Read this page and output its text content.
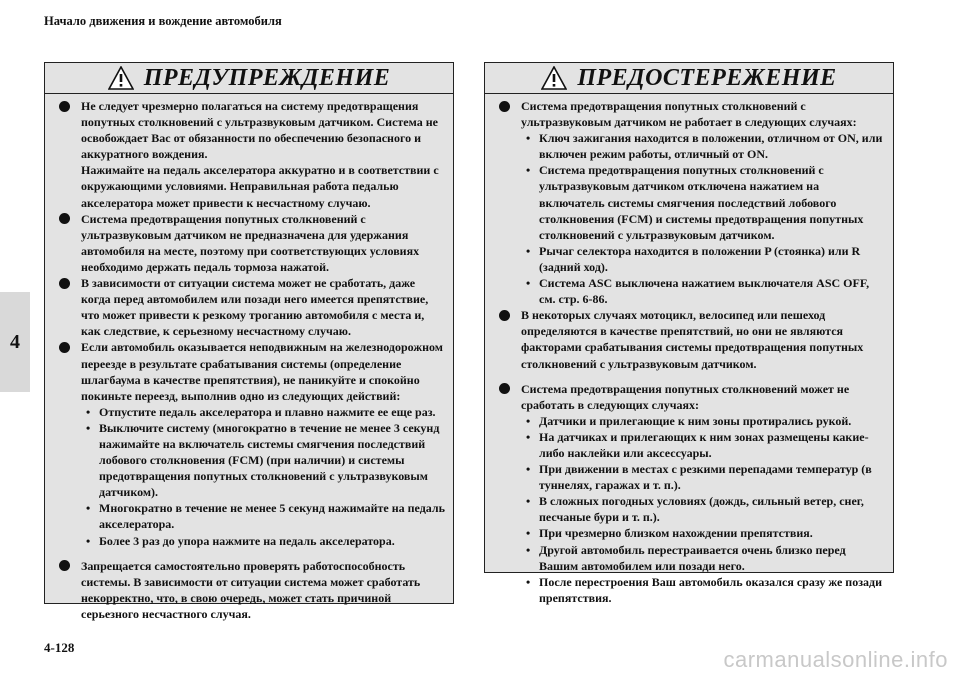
Начало движения и вождение автомобиля
4
ПРЕДУПРЕЖДЕНИЕ
Не следует чрезмерно полагаться на систему предотвращения попутных столкновений с ультразвуковым датчиком. Система не освобождает Вас от обязанности по обеспечению безопасного и аккуратного вождения.
Нажимайте на педаль акселератора аккуратно и в соответствии с окружающими условиями. Неправильная работа педалью акселератора может привести к несчастному случаю.
Система предотвращения попутных столкновений с ультразвуковым датчиком не предназначена для удержания автомобиля на месте, поэтому при соответствующих условиях необходимо держать педаль тормоза нажатой.
В зависимости от ситуации система может не сработать, даже когда перед автомобилем или позади него имеется препятствие, что может привести к резкому троганию автомобиля с места и, как следствие, к серьезному несчастному случаю.
Если автомобиль оказывается неподвижным на железнодорожном переезде в результате срабатывания системы (определение шлагбаума в качестве препятствия), не паникуйте и спокойно покиньте переезд, выполнив одно из следующих действий:
• Отпустите педаль акселератора и плавно нажмите ее еще раз.
• Выключите систему (многократно в течение не менее 3 секунд нажимайте на включатель системы смягчения последствий лобового столкновения (FCM) (при наличии) и системы предотвращения попутных столкновений с ультразвуковым датчиком).
• Многократно в течение не менее 5 секунд нажимайте на педаль акселератора.
• Более 3 раз до упора нажмите на педаль акселератора.
Запрещается самостоятельно проверять работоспособность системы. В зависимости от ситуации система может сработать некорректно, что, в свою очередь, может стать причиной серьезного несчастного случая.
ПРЕДОСТЕРЕЖЕНИЕ
Система предотвращения попутных столкновений с ультразвуковым датчиком не работает в следующих случаях:
• Ключ зажигания находится в положении, отличном от ON, или включен режим работы, отличный от ON.
• Система предотвращения попутных столкновений с ультразвуковым датчиком отключена нажатием на включатель системы смягчения последствий лобового столкновения (FCM) и системы предотвращения попутных столкновений с ультразвуковым датчиком.
• Рычаг селектора находится в положении P (стоянка) или R (задний ход).
• Система ASC выключена нажатием выключателя ASC OFF, см. стр. 6-86.
В некоторых случаях мотоцикл, велосипед или пешеход определяются в качестве препятствий, но они не являются факторами срабатывания системы предотвращения попутных столкновений с ультразвуковым датчиком.
Система предотвращения попутных столкновений может не сработать в следующих случаях:
• Датчики и прилегающие к ним зоны протирались рукой.
• На датчиках и прилегающих к ним зонах размещены какие-либо наклейки или аксессуары.
• При движении в местах с резкими перепадами температур (в туннелях, гаражах и т. п.).
• В сложных погодных условиях (дождь, сильный ветер, снег, песчаные бури и т. п.).
• При чрезмерно близком нахождении препятствия.
• Другой автомобиль перестраивается очень близко перед Вашим автомобилем или позади него.
• После перестроения Ваш автомобиль оказался сразу же позади препятствия.
4-128	carmanualsonline.info
